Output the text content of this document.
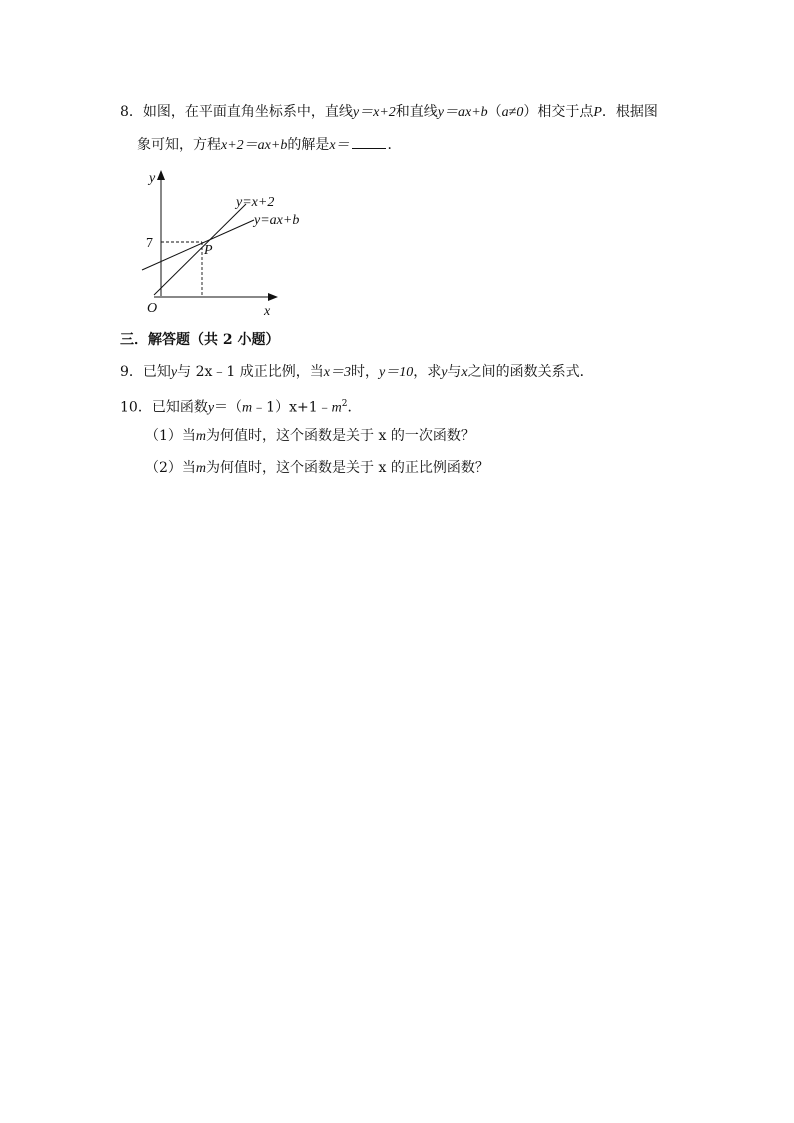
8．如图，在平面直角坐标系中，直线y＝x+2和直线y＝ax+b（a≠0）相交于点P．根据图
象可知，方程x+2＝ax+b的解是x＝	．
y
x
O
7	P
y=x+2
y=ax+b
三．解答题（共 2 小题）
9．已知y与 2x﹣1 成正比例，当x＝3时，y＝10，求y与x之间的函数关系式．
10．已知函数$y=(m﹣1)x+1﹣m^2$．
（1）当m为何值时，这个函数是关于 x 的一次函数？
（2）当m为何值时，这个函数是关于 x 的正比例函数？
